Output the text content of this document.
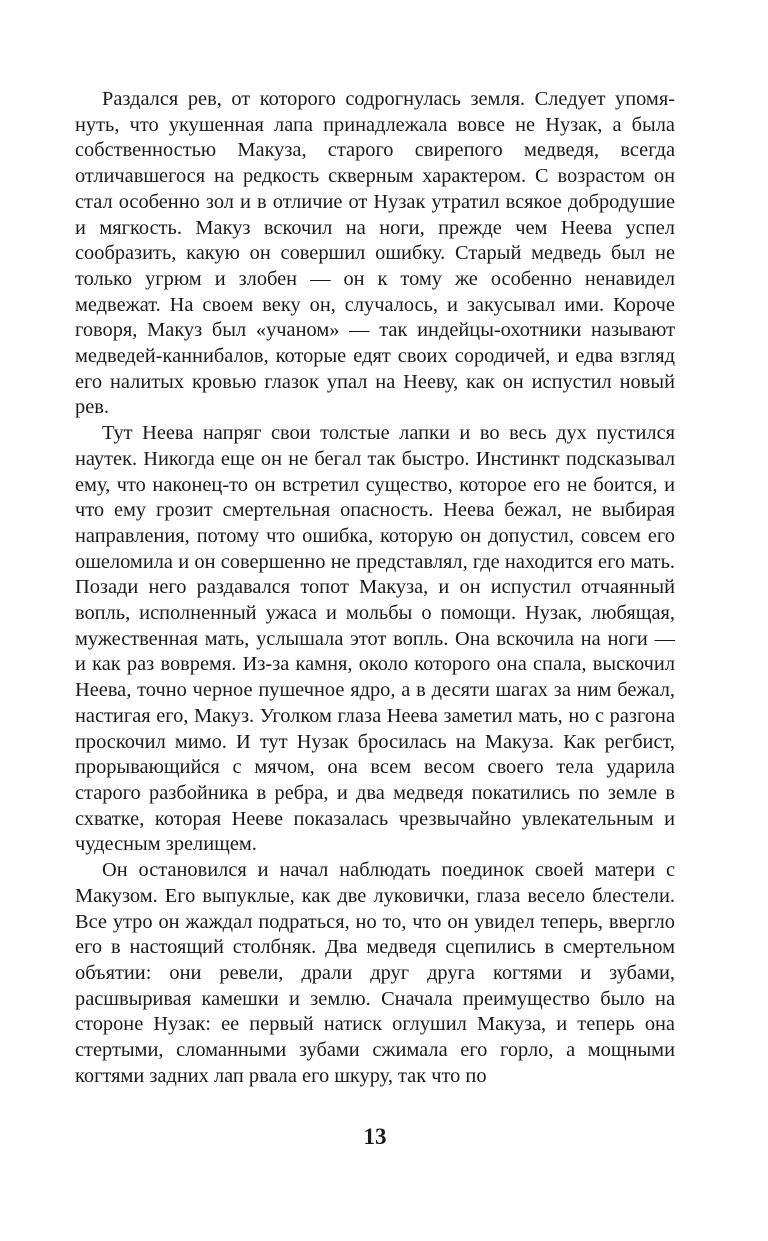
Раздался рев, от которого содрогнулась земля. Следует упомянуть, что укушенная лапа принадлежала вовсе не Нузак, а была собственностью Макуза, старого свирепого медведя, всегда отличавшегося на редкость скверным характером. С возрастом он стал особенно зол и в отличие от Нузак утратил всякое добродушие и мягкость. Макуз вскочил на ноги, прежде чем Неева успел сообразить, какую он совершил ошибку. Старый медведь был не только угрюм и злобен — он к тому же особенно ненавидел медвежат. На своем веку он, случалось, и закусывал ими. Короче говоря, Макуз был «учаном» — так индейцы-охотники называют медведей-каннибалов, которые едят своих сородичей, и едва взгляд его налитых кровью глазок упал на Нееву, как он испустил новый рев.

Тут Неева напряг свои толстые лапки и во весь дух пустился наутек. Никогда еще он не бегал так быстро. Инстинкт подсказывал ему, что наконец-то он встретил существо, которое его не боится, и что ему грозит смертельная опасность. Неева бежал, не выбирая направления, потому что ошибка, которую он допустил, совсем его ошеломила и он совершенно не представлял, где находится его мать. Позади него раздавался топот Макуза, и он испустил отчаянный вопль, исполненный ужаса и мольбы о помощи. Нузак, любящая, мужественная мать, услышала этот вопль. Она вскочила на ноги — и как раз вовремя. Из-за камня, около которого она спала, выскочил Неева, точно черное пушечное ядро, а в десяти шагах за ним бежал, настигая его, Макуз. Уголком глаза Неева заметил мать, но с разгона проскочил мимо. И тут Нузак бросилась на Макуза. Как регбист, прорывающийся с мячом, она всем весом своего тела ударила старого разбойника в ребра, и два медведя покатились по земле в схватке, которая Нееве показалась чрезвычайно увлекательным и чудесным зрелищем.

Он остановился и начал наблюдать поединок своей матери с Макузом. Его выпуклые, как две луковички, глаза весело блестели. Все утро он жаждал подраться, но то, что он увидел теперь, ввергло его в настоящий столбняк. Два медведя сцепились в смертельном объятии: они ревели, драли друг друга когтями и зубами, расшвыривая камешки и землю. Сначала преимущество было на стороне Нузак: ее первый натиск оглушил Макуза, и теперь она стертыми, сломанными зубами сжимала его горло, а мощными когтями задних лап рвала его шкуру, так что по

13
